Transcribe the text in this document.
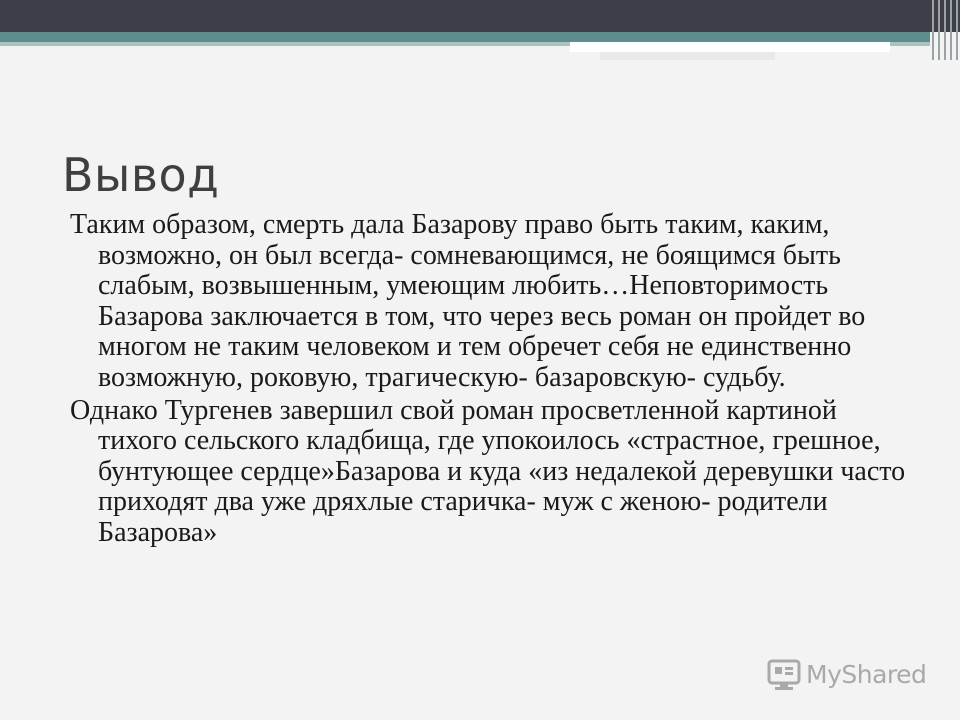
Вывод

Таким образом, смерть дала Базарову право быть таким, каким, возможно, он был всегда- сомневающимся, не боящимся быть слабым, возвышенным, умеющим любить…Неповторимость Базарова заключается в том, что через весь роман он пройдет во многом не таким человеком и тем обречет себя не единственно возможную, роковую, трагическую- базаровскую- судьбу.

Однако Тургенев завершил свой роман просветленной картиной тихого сельского кладбища, где упокоилось «страстное, грешное, бунтующее сердце»Базарова и куда «из недалекой деревушки часто приходят два уже дряхлые старичка- муж с женою- родители Базарова»

MyShared
